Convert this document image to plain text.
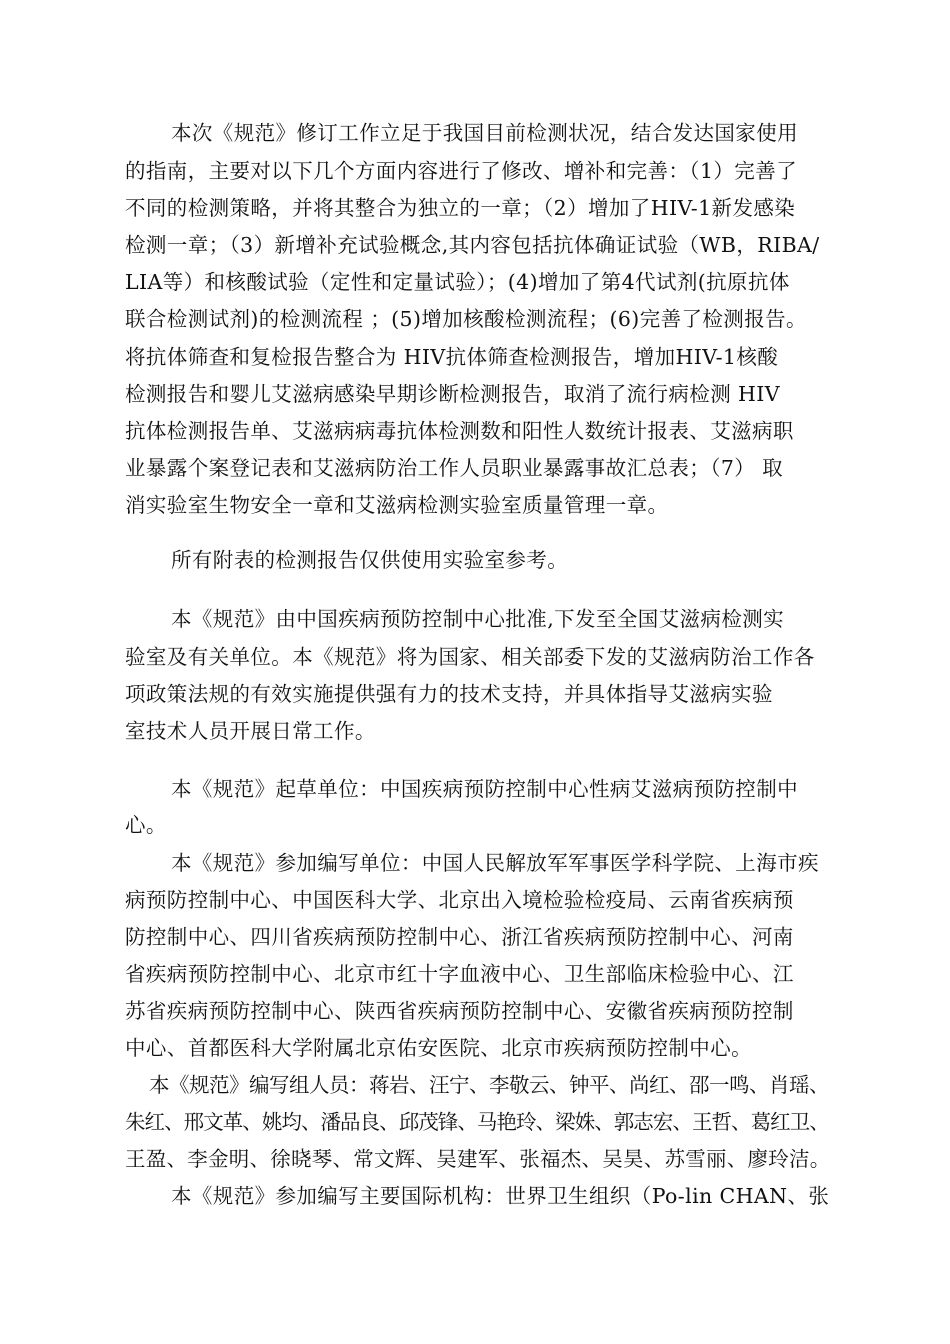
本次《规范》修订工作立足于我国目前检测状况，结合发达国家使用
的指南，主要对以下几个方面内容进行了修改、增补和完善：（1）完善了
不同的检测策略，并将其整合为独立的一章；（2）增加了HIV-1新发感染
检测一章；（3）新增补充试验概念,其内容包括抗体确证试验（WB，RIBA/
LIA等）和核酸试验（定性和定量试验）；(4)增加了第4代试剂(抗原抗体
联合检测试剂)的检测流程 ；(5)增加核酸检测流程；(6)完善了检测报告。
将抗体筛查和复检报告整合为 HIV抗体筛查检测报告，增加HIV-1核酸
检测报告和婴儿艾滋病感染早期诊断检测报告，取消了流行病检测 HIV
抗体检测报告单、艾滋病病毒抗体检测数和阳性人数统计报表、艾滋病职
业暴露个案登记表和艾滋病防治工作人员职业暴露事故汇总表；（7） 取
消实验室生物安全一章和艾滋病检测实验室质量管理一章。
所有附表的检测报告仅供使用实验室参考。
本《规范》由中国疾病预防控制中心批准,下发至全国艾滋病检测实
验室及有关单位。本《规范》将为国家、相关部委下发的艾滋病防治工作各
项政策法规的有效实施提供强有力的技术支持，并具体指导艾滋病实验
室技术人员开展日常工作。
本《规范》起草单位：中国疾病预防控制中心性病艾滋病预防控制中
心。
本《规范》参加编写单位：中国人民解放军军事医学科学院、上海市疾
病预防控制中心、中国医科大学、北京出入境检验检疫局、云南省疾病预
防控制中心、四川省疾病预防控制中心、浙江省疾病预防控制中心、河南
省疾病预防控制中心、北京市红十字血液中心、卫生部临床检验中心、江
苏省疾病预防控制中心、陕西省疾病预防控制中心、安徽省疾病预防控制
中心、首都医科大学附属北京佑安医院、北京市疾病预防控制中心。
本《规范》编写组人员：蒋岩、汪宁、李敬云、钟平、尚红、邵一鸣、肖瑶、
朱红、邢文革、姚均、潘品良、邱茂锋、马艳玲、梁姝、郭志宏、王哲、葛红卫、
王盈、李金明、徐晓琴、常文辉、吴建军、张福杰、吴昊、苏雪丽、廖玲洁。
本《规范》参加编写主要国际机构：世界卫生组织（Po-lin CHAN、张
